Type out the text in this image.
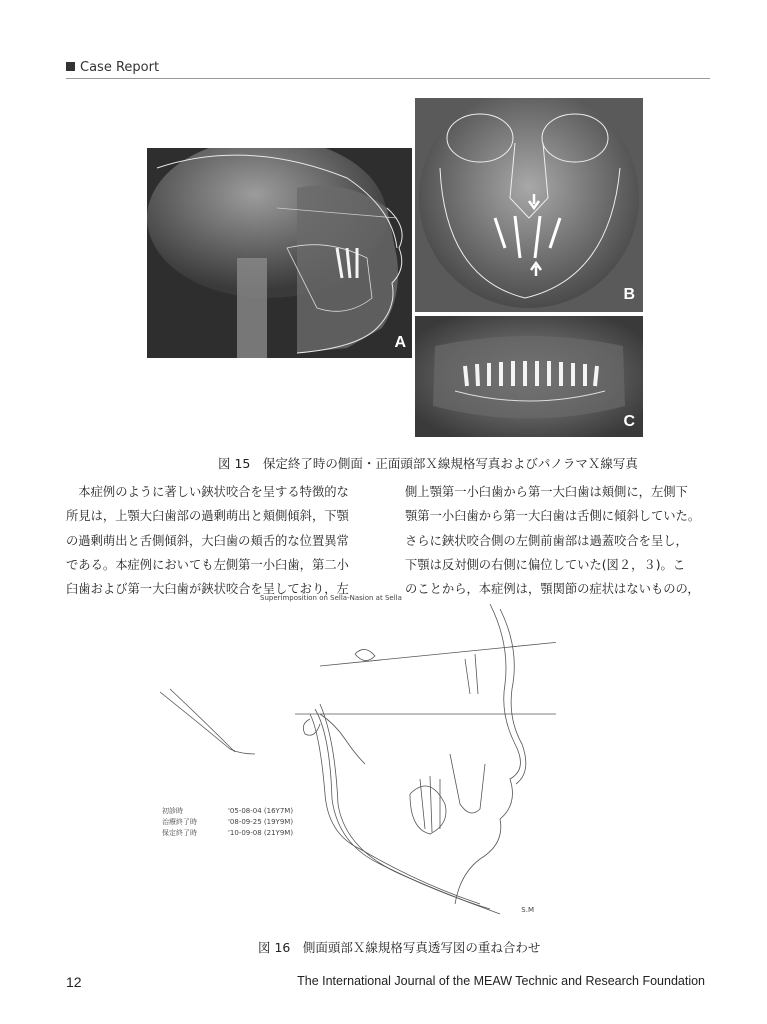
Case Report
A
B
C
図 15　保定終了時の側面・正面頭部Ｘ線規格写真およびパノラマＸ線写真
　本症例のように著しい鋏状咬合を呈する特徴的な
所見は，上顎大臼歯部の過剰萌出と頬側傾斜，下顎
の過剰萌出と舌側傾斜，大臼歯の頬舌的な位置異常
である。本症例においても左側第一小臼歯，第二小
臼歯および第一大臼歯が鋏状咬合を呈しており，左
側上顎第一小臼歯から第一大臼歯は頬側に，左側下
顎第一小臼歯から第一大臼歯は舌側に傾斜していた。
さらに鋏状咬合側の左側前歯部は過蓋咬合を呈し，
下顎は反対側の右側に偏位していた(図２，３)。こ
のことから，本症例は，顎関節の症状はないものの，
Superimposition on Sella-Nasion at Sella
初診時	'05-08-04 (16Y7M)
治療終了時	'08-09-25 (19Y9M)
保定終了時	'10-09-08 (21Y9M)
S.M
図 16　側面頭部Ｘ線規格写真透写図の重ね合わせ
12	The International Journal of the MEAW Technic and Research Foundation
